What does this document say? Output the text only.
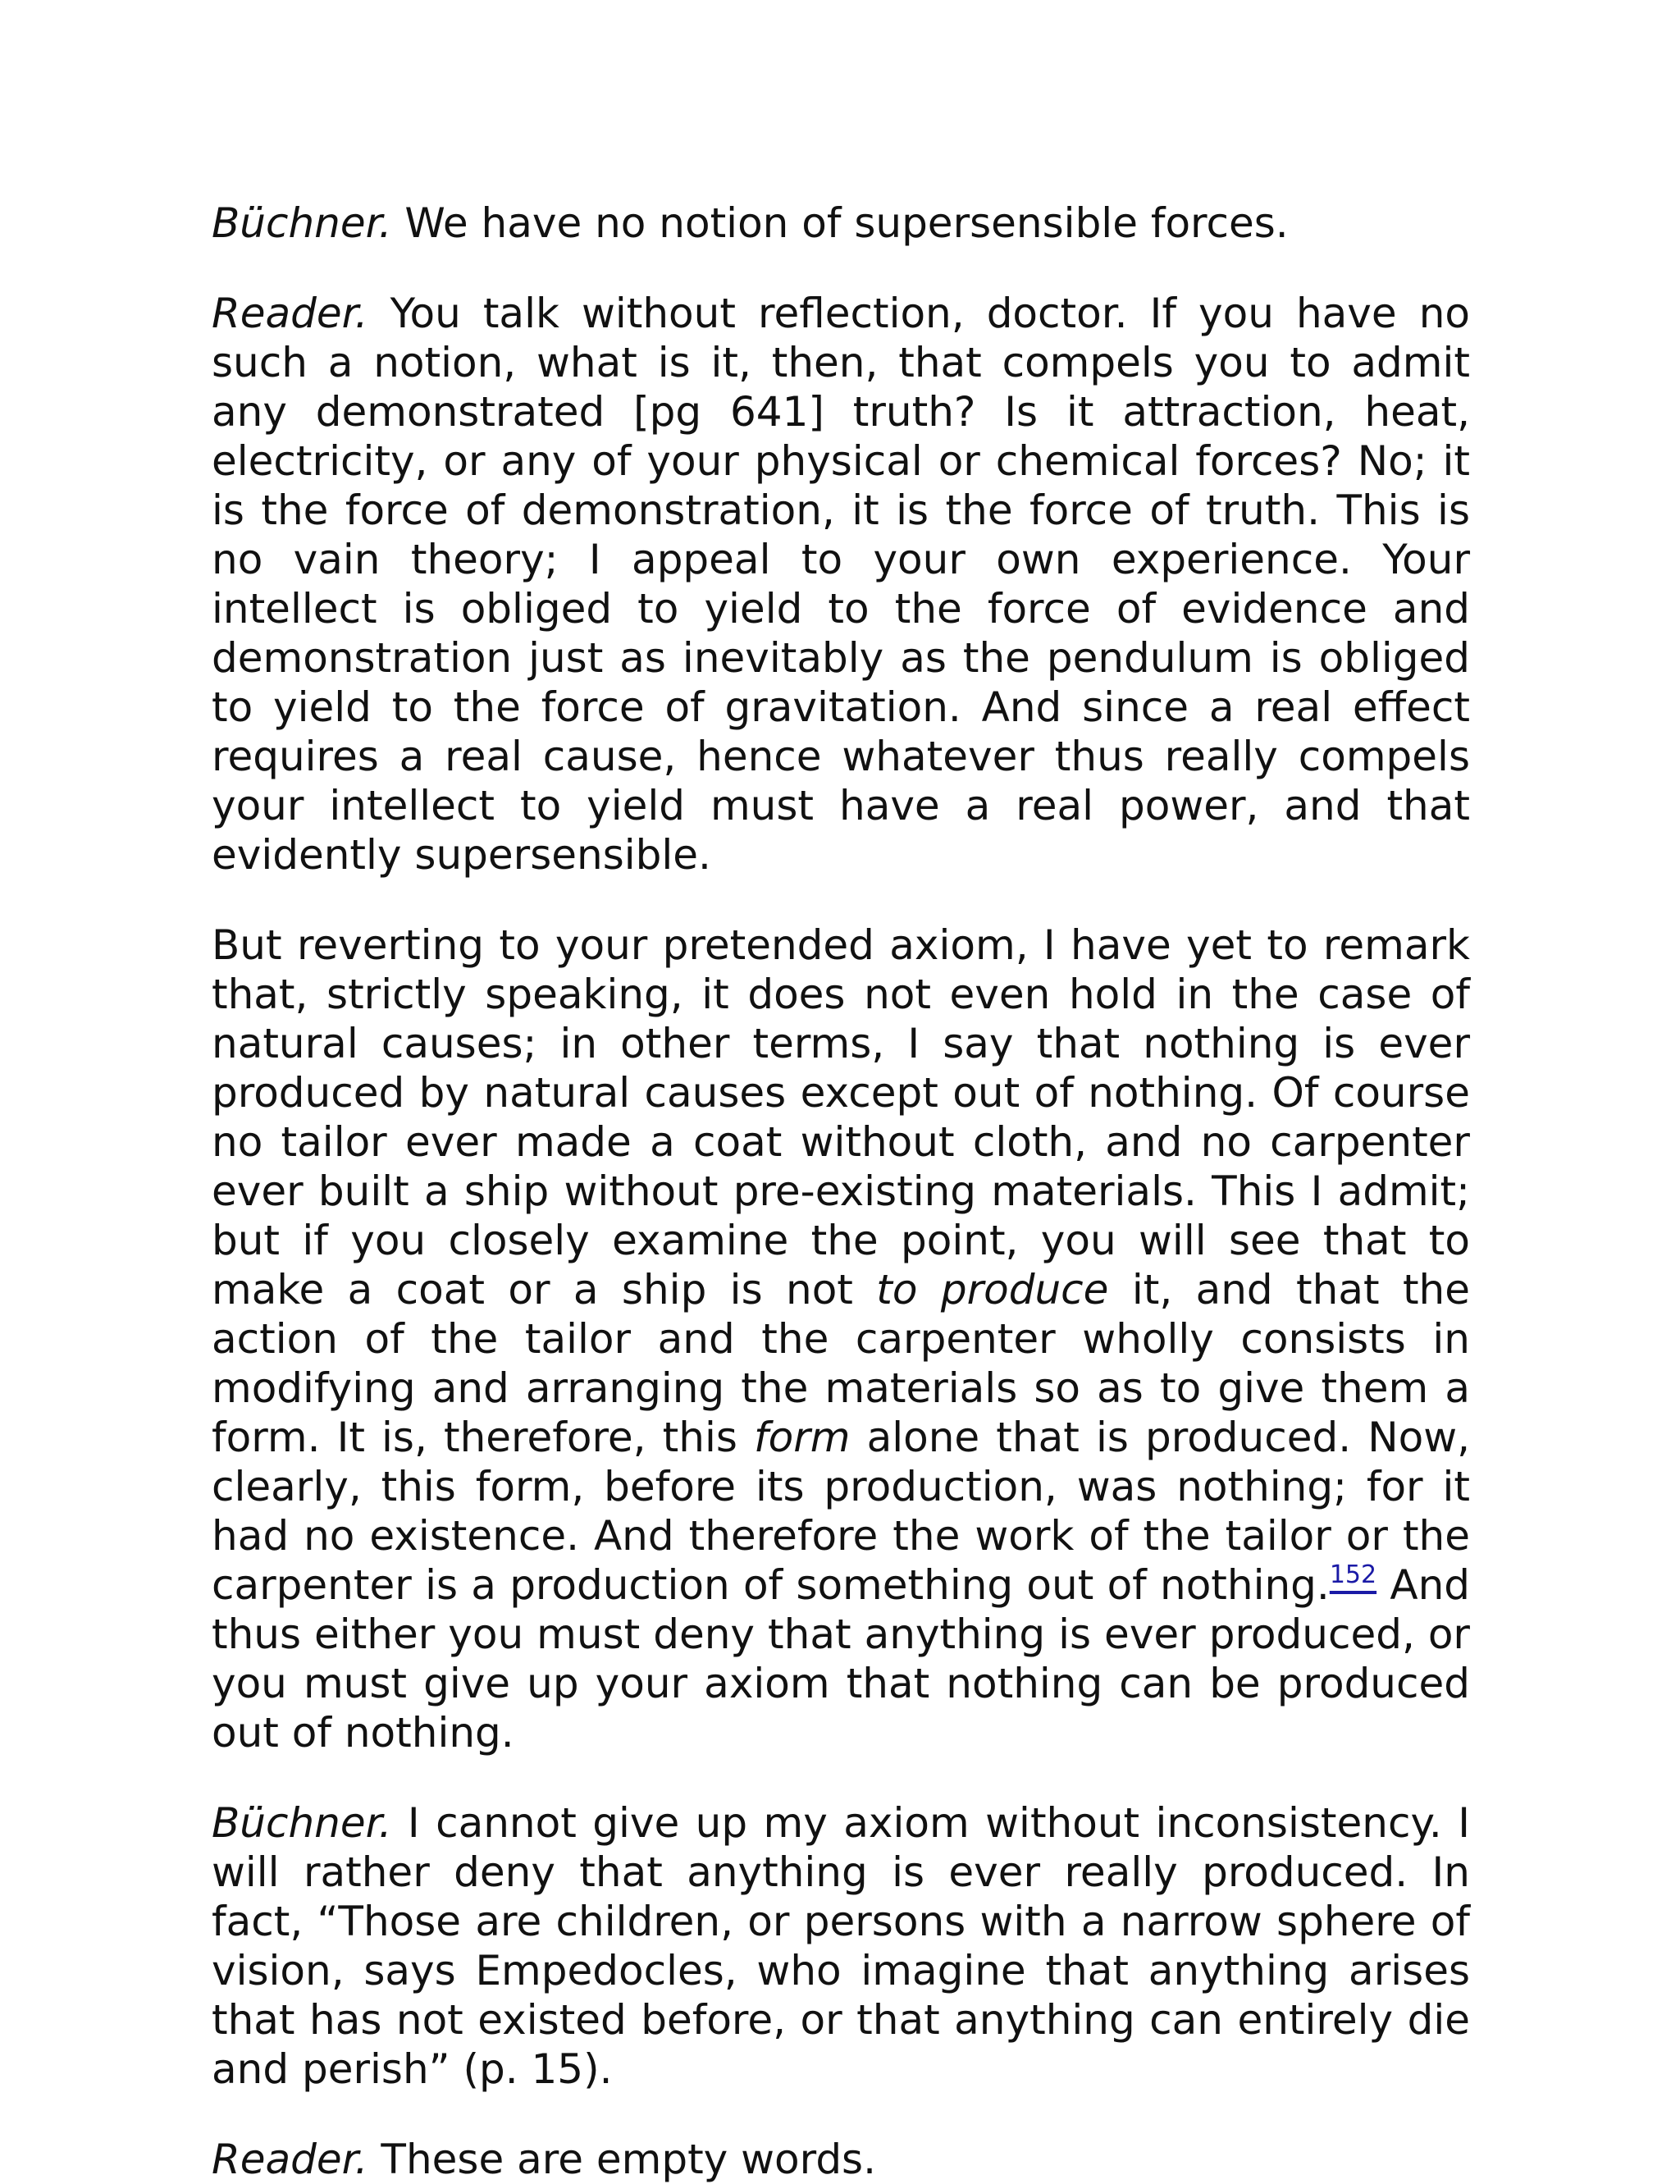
Büchner. We have no notion of supersensible forces.

Reader. You talk without reflection, doctor. If you have no such a notion, what is it, then, that compels you to admit any demonstrated [pg 641] truth? Is it attraction, heat, electricity, or any of your physical or chemical forces? No; it is the force of demonstration, it is the force of truth. This is no vain theory; I appeal to your own experience. Your intellect is obliged to yield to the force of evidence and demonstration just as inevitably as the pendulum is obliged to yield to the force of gravitation. And since a real effect requires a real cause, hence whatever thus really compels your intellect to yield must have a real power, and that evidently supersensible.

But reverting to your pretended axiom, I have yet to remark that, strictly speaking, it does not even hold in the case of natural causes; in other terms, I say that nothing is ever produced by natural causes except out of nothing. Of course no tailor ever made a coat without cloth, and no carpenter ever built a ship without pre-existing materials. This I admit; but if you closely examine the point, you will see that to make a coat or a ship is not to produce it, and that the action of the tailor and the carpenter wholly consists in modifying and arranging the materials so as to give them a form. It is, therefore, this form alone that is produced. Now, clearly, this form, before its production, was nothing; for it had no existence. And therefore the work of the tailor or the carpenter is a production of something out of nothing.$^{152}$ And thus either you must deny that anything is ever produced, or you must give up your axiom that nothing can be produced out of nothing.

Büchner. I cannot give up my axiom without inconsistency. I will rather deny that anything is ever really produced. In fact, “Those are children, or persons with a narrow sphere of vision, says Empedocles, who imagine that anything arises that has not existed before, or that anything can entirely die and perish” (p. 15).

Reader. These are empty words.
